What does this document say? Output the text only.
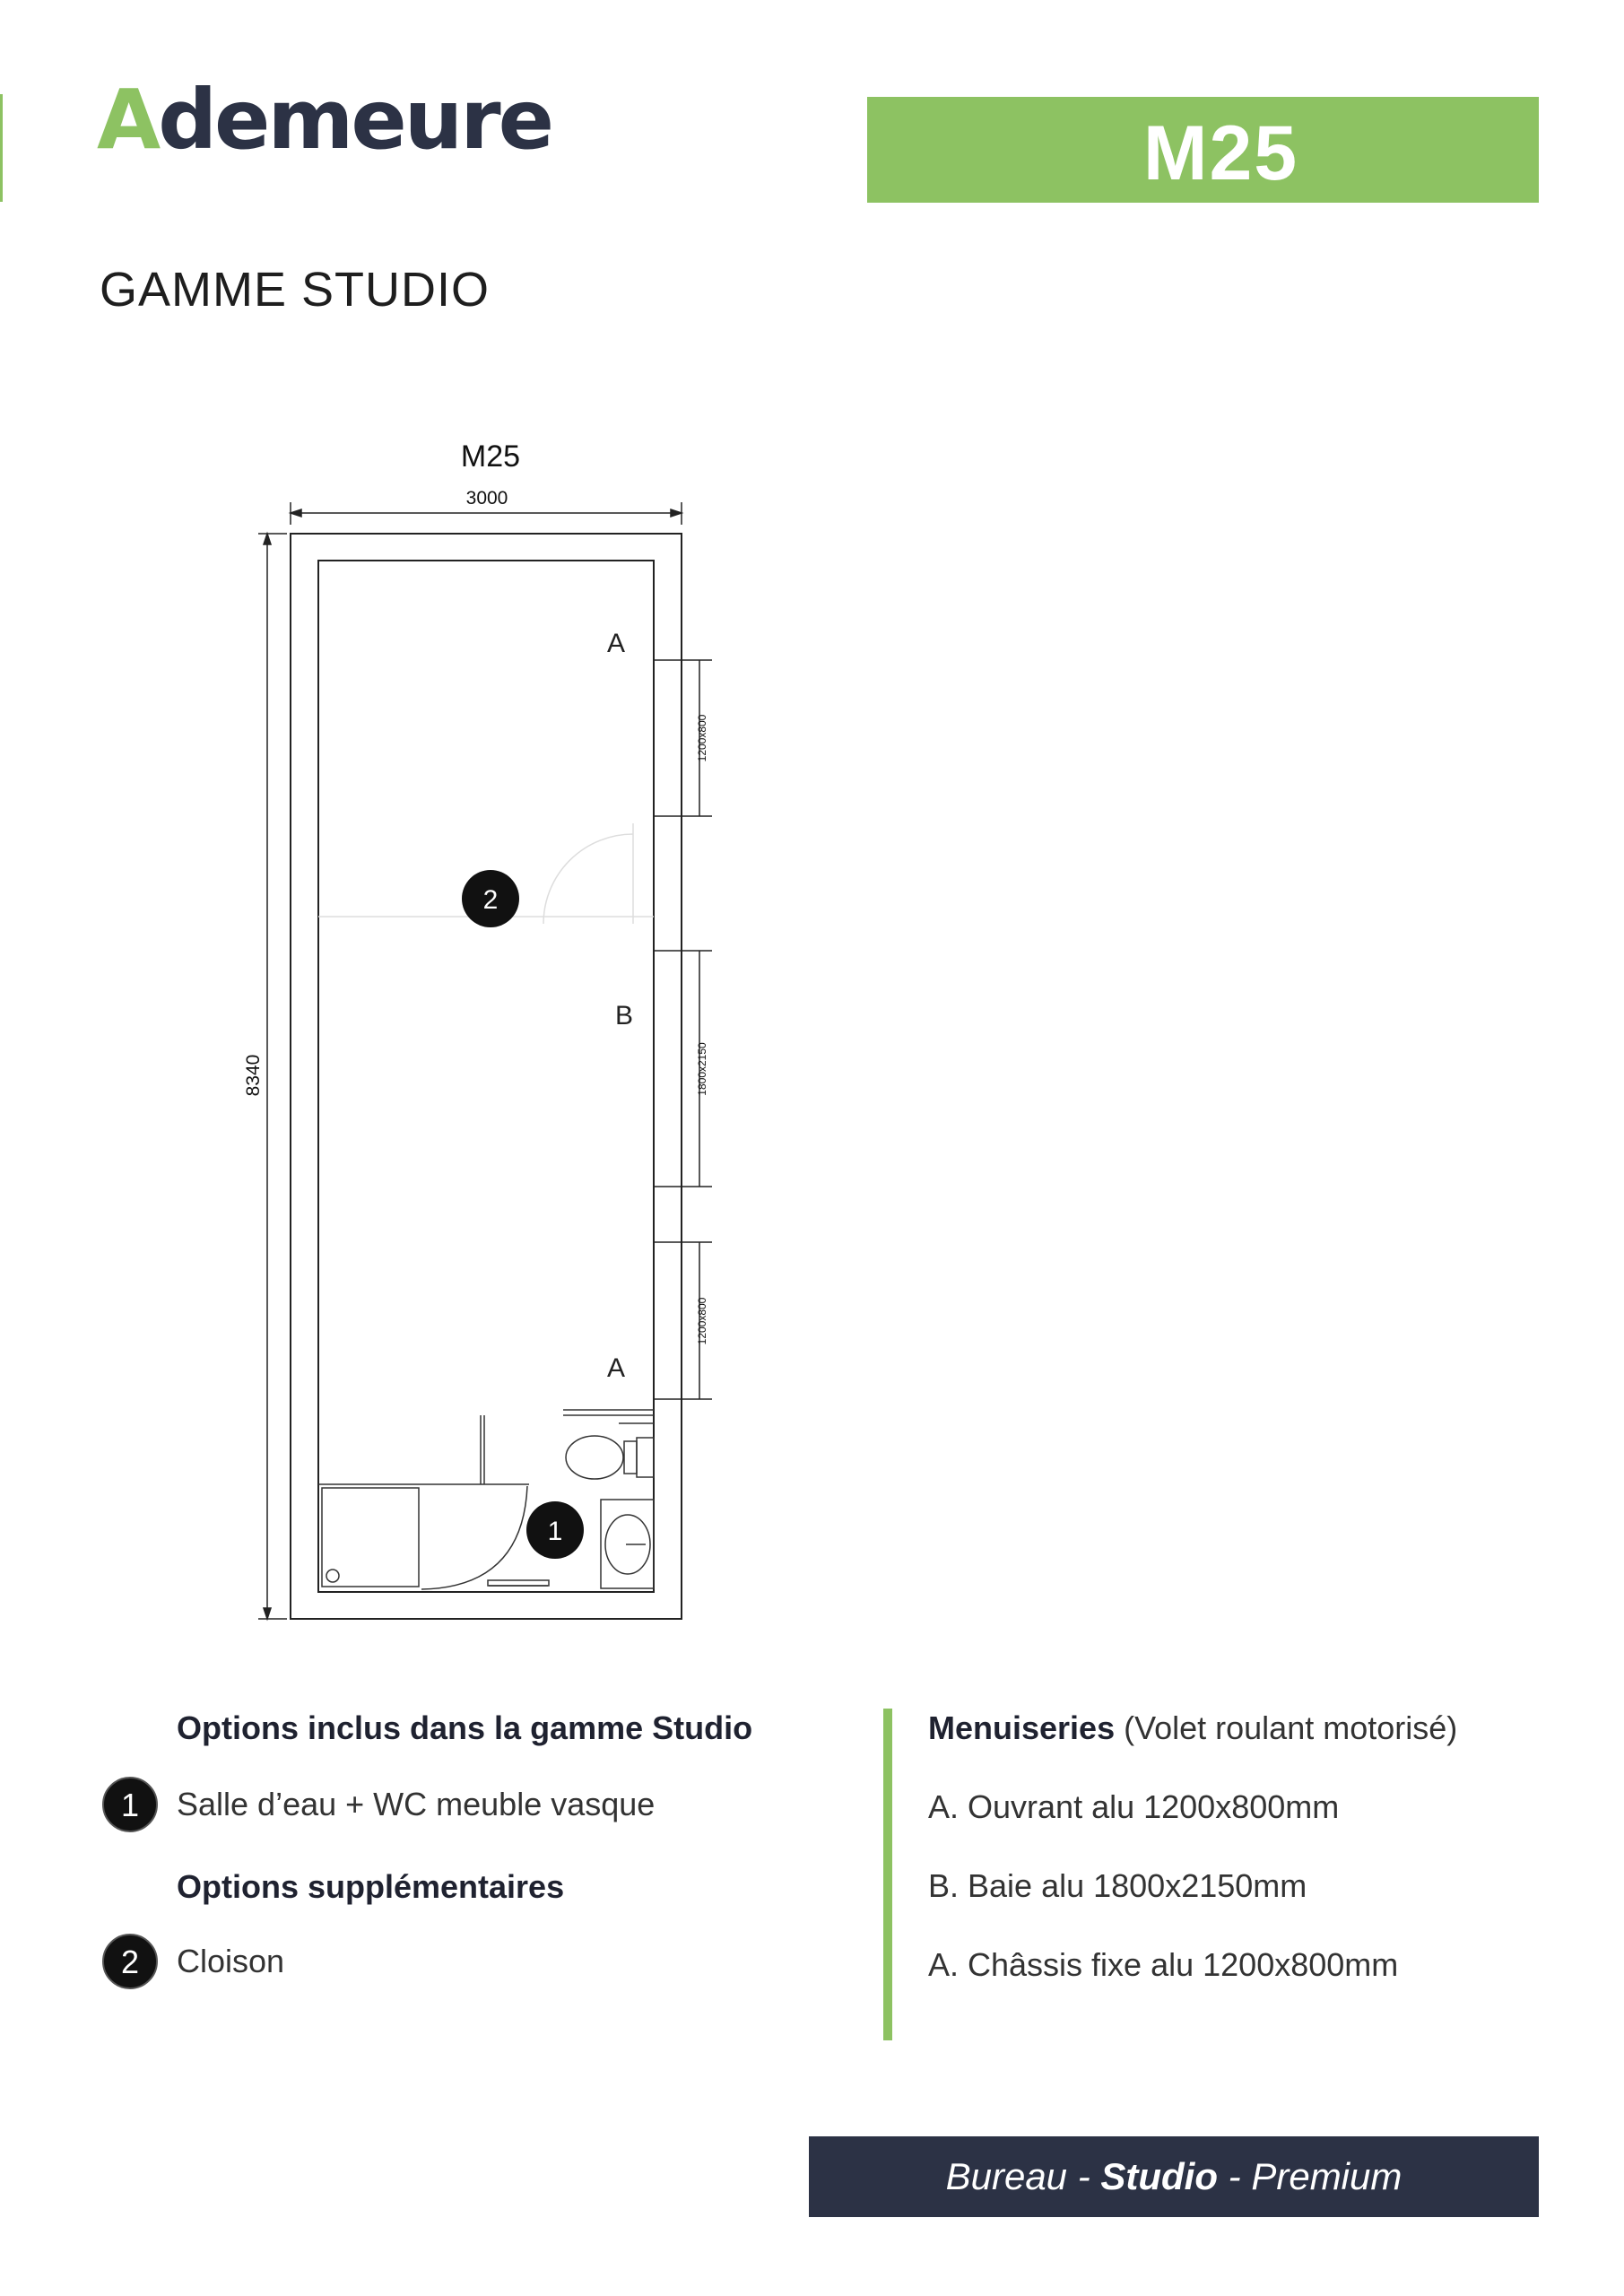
Ademeure	M25
GAMME STUDIO
M25
3000
8340
1200x800
1800x2150
1200x800
A
B
A
2
1
Options inclus dans la gamme Studio
1	Salle d’eau + WC meuble vasque
Options supplémentaires
2	Cloison
Menuiseries (Volet roulant motorisé)
A. Ouvrant alu 1200x800mm
B. Baie alu 1800x2150mm
A. Châssis fixe alu 1200x800mm
Bureau - Studio - Premium
